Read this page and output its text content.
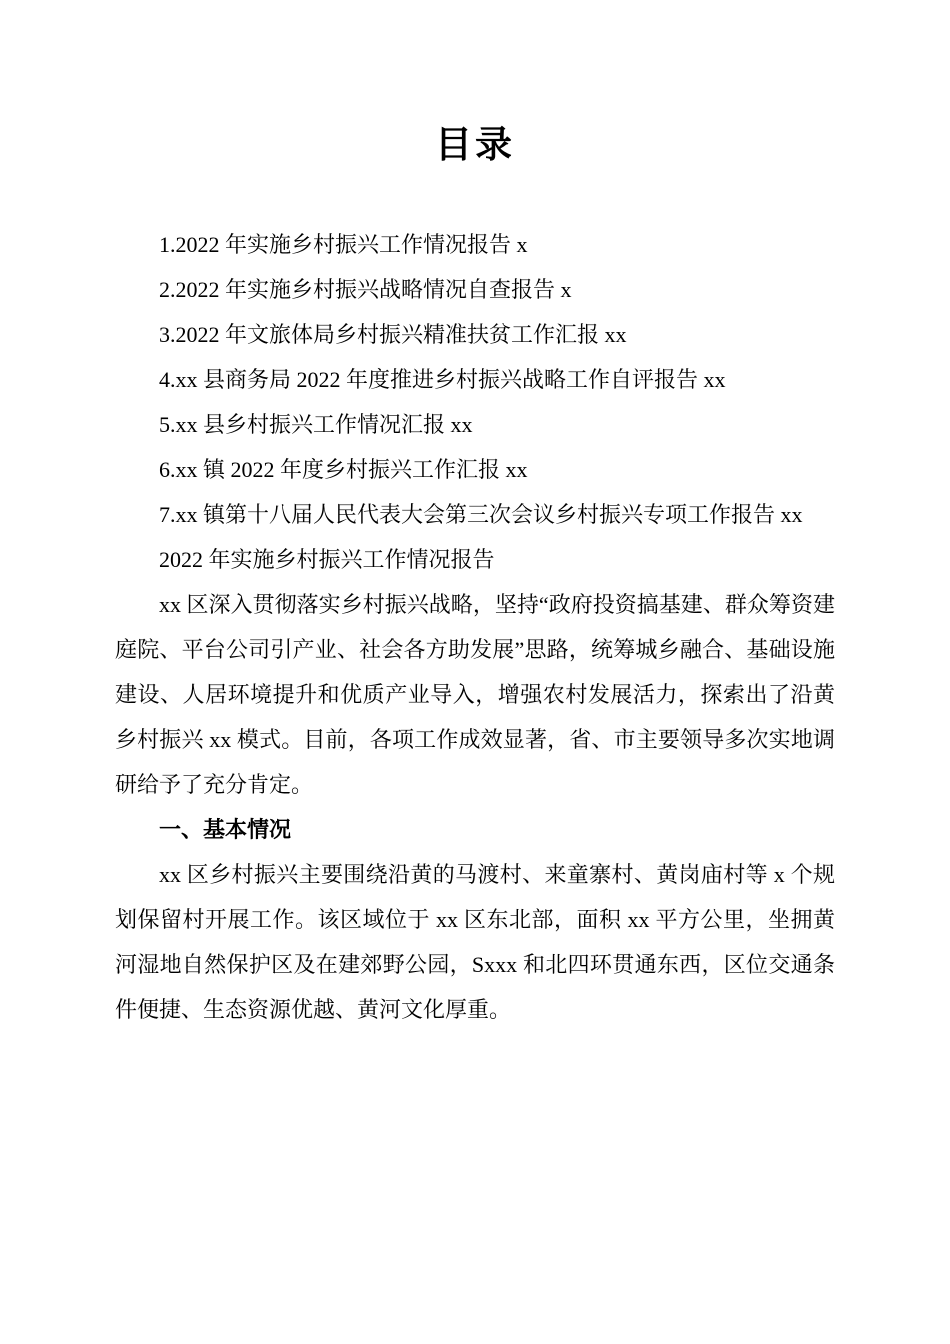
目录
1.2022 年实施乡村振兴工作情况报告 x
2.2022 年实施乡村振兴战略情况自查报告 x
3.2022 年文旅体局乡村振兴精准扶贫工作汇报 xx
4.xx 县商务局 2022 年度推进乡村振兴战略工作自评报告 xx
5.xx 县乡村振兴工作情况汇报 xx
6.xx 镇 2022 年度乡村振兴工作汇报 xx
7.xx 镇第十八届人民代表大会第三次会议乡村振兴专项工作报告 xx

2022 年实施乡村振兴工作情况报告

xx 区深入贯彻落实乡村振兴战略，坚持“政府投资搞基建、群众筹资建庭院、平台公司引产业、社会各方助发展”思路，统筹城乡融合、基础设施建设、人居环境提升和优质产业导入，增强农村发展活力，探索出了沿黄乡村振兴 xx 模式。目前，各项工作成效显著，省、市主要领导多次实地调研给予了充分肯定。

一、基本情况

xx 区乡村振兴主要围绕沿黄的马渡村、来童寨村、黄岗庙村等 x 个规划保留村开展工作。该区域位于 xx 区东北部，面积 xx 平方公里，坐拥黄河湿地自然保护区及在建郊野公园，Sxxx 和北四环贯通东西，区位交通条件便捷、生态资源优越、黄河文化厚重。
